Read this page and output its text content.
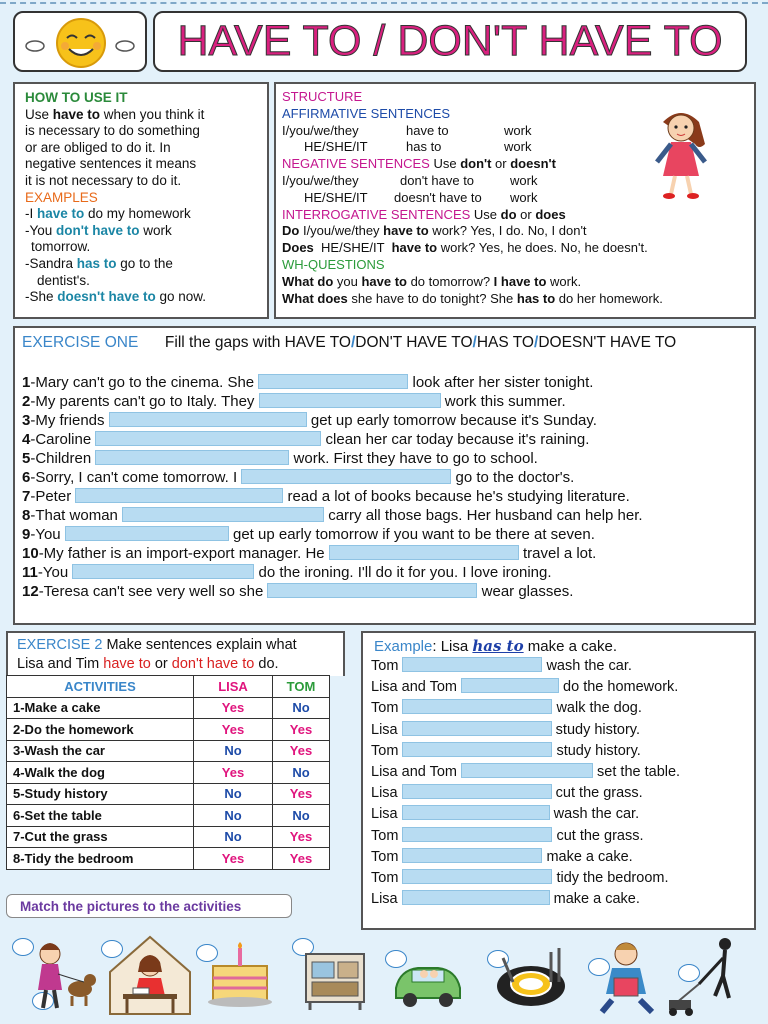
HAVE TO / DON'T HAVE TO
HOW TO USE IT
Use have to when you think it
is necessary to do something
or are obliged to do it. In
negative sentences it means
it is not necessary to do it.
EXAMPLES
-I have to do my homework
-You don't have to work
tomorrow.
-Sandra has to go to the
dentist's.
-She doesn't have to go now.
STRUCTURE
AFFIRMATIVE SENTENCES
I/you/we/they	have to	work
HE/SHE/IT	has to	work
NEGATIVE SENTENCES Use don't or doesn't
I/you/we/they	don't have to	work
HE/SHE/IT doesn't have to work
INTERROGATIVE SENTENCES Use do or does
Do I/you/we/they have to work? Yes, I do. No, I don't
Does  HE/SHE/IT  have to work? Yes, he does. No, he doesn't.
WH-QUESTIONS
What do you have to do tomorrow? I have to work.
What does she have to do tonight? She has to do her homework.
EXERCISE ONE Fill the gaps with HAVE TO/DON'T HAVE TO/HAS TO/DOESN'T HAVE TO
1-Mary can't go to the cinema. She	look after her sister tonight.
2-My parents can't go to Italy. They	work this summer.
3-My friends	get up early tomorrow because it's Sunday.
4-Caroline	clean her car today because it's raining.
5-Children	work. First they have to go to school.
6-Sorry, I can't come tomorrow. I	go to the doctor's.
7-Peter	read a lot of books because he's studying literature.
8-That woman	carry all those bags. Her husband can help her.
9-You	get up early tomorrow if you want to be there at seven.
10-My father is an import-export manager. He	travel a lot.
11-You	do the ironing. I'll do it for you. I love ironing.
12-Teresa can't see very well so she	wear glasses.
EXERCISE 2 Make sentences explain what
Lisa and Tim have to or don't have to do.
ACTIVITIES	LISA	TOM
1-Make a cake	Yes	No
2-Do the homework	Yes	Yes
3-Wash the car	No	Yes
4-Walk the dog	Yes	No
5-Study history	No	Yes
6-Set the table	No	No
7-Cut the grass	No	Yes
8-Tidy the bedroom	Yes	Yes
Example: Lisa has to make a cake.
Tom	wash the car.
Lisa and Tom	do the homework.
Tom	walk the dog.
Lisa	study history.
Tom	study history.
Lisa and Tom	set the table.
Lisa	cut the grass.
Lisa	wash the car.
Tom	cut the grass.
Tom	make a cake.
Tom	tidy the bedroom.
Lisa	make a cake.
Match the pictures to the activities
